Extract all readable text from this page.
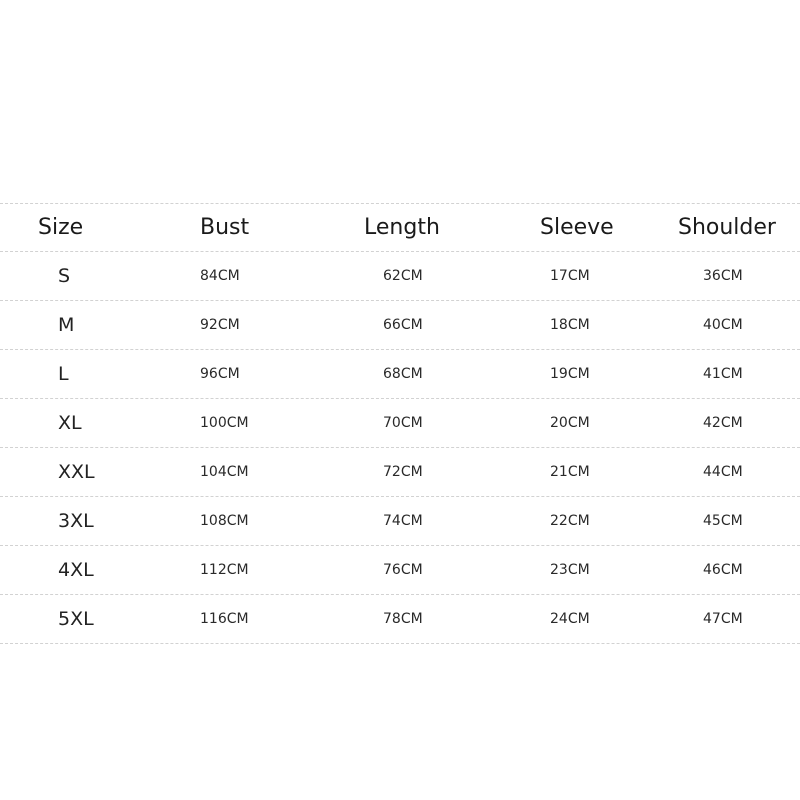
Size	Bust	Length	Sleeve	Shoulder
S	84CM	62CM	17CM	36CM
M	92CM	66CM	18CM	40CM
L	96CM	68CM	19CM	41CM
XL	100CM	70CM	20CM	42CM
XXL	104CM	72CM	21CM	44CM
3XL	108CM	74CM	22CM	45CM
4XL	112CM	76CM	23CM	46CM
5XL	116CM	78CM	24CM	47CM
